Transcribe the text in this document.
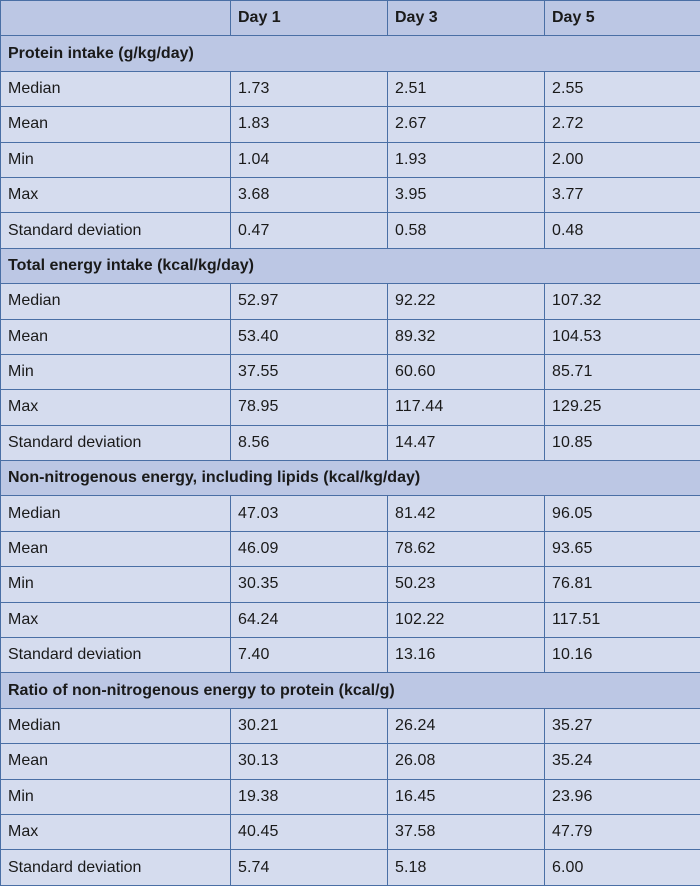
	Day 1	Day 3	Day 5
Protein intake (g/kg/day)			
Median	1.73	2.51	2.55
Mean	1.83	2.67	2.72
Min	1.04	1.93	2.00
Max	3.68	3.95	3.77
Standard deviation	0.47	0.58	0.48
Total energy intake (kcal/kg/day)			
Median	52.97	92.22	107.32
Mean	53.40	89.32	104.53
Min	37.55	60.60	85.71
Max	78.95	117.44	129.25
Standard deviation	8.56	14.47	10.85
Non-nitrogenous energy, including lipids (kcal/kg/day)			
Median	47.03	81.42	96.05
Mean	46.09	78.62	93.65
Min	30.35	50.23	76.81
Max	64.24	102.22	117.51
Standard deviation	7.40	13.16	10.16
Ratio of non-nitrogenous energy to protein (kcal/g)			
Median	30.21	26.24	35.27
Mean	30.13	26.08	35.24
Min	19.38	16.45	23.96
Max	40.45	37.58	47.79
Standard deviation	5.74	5.18	6.00
